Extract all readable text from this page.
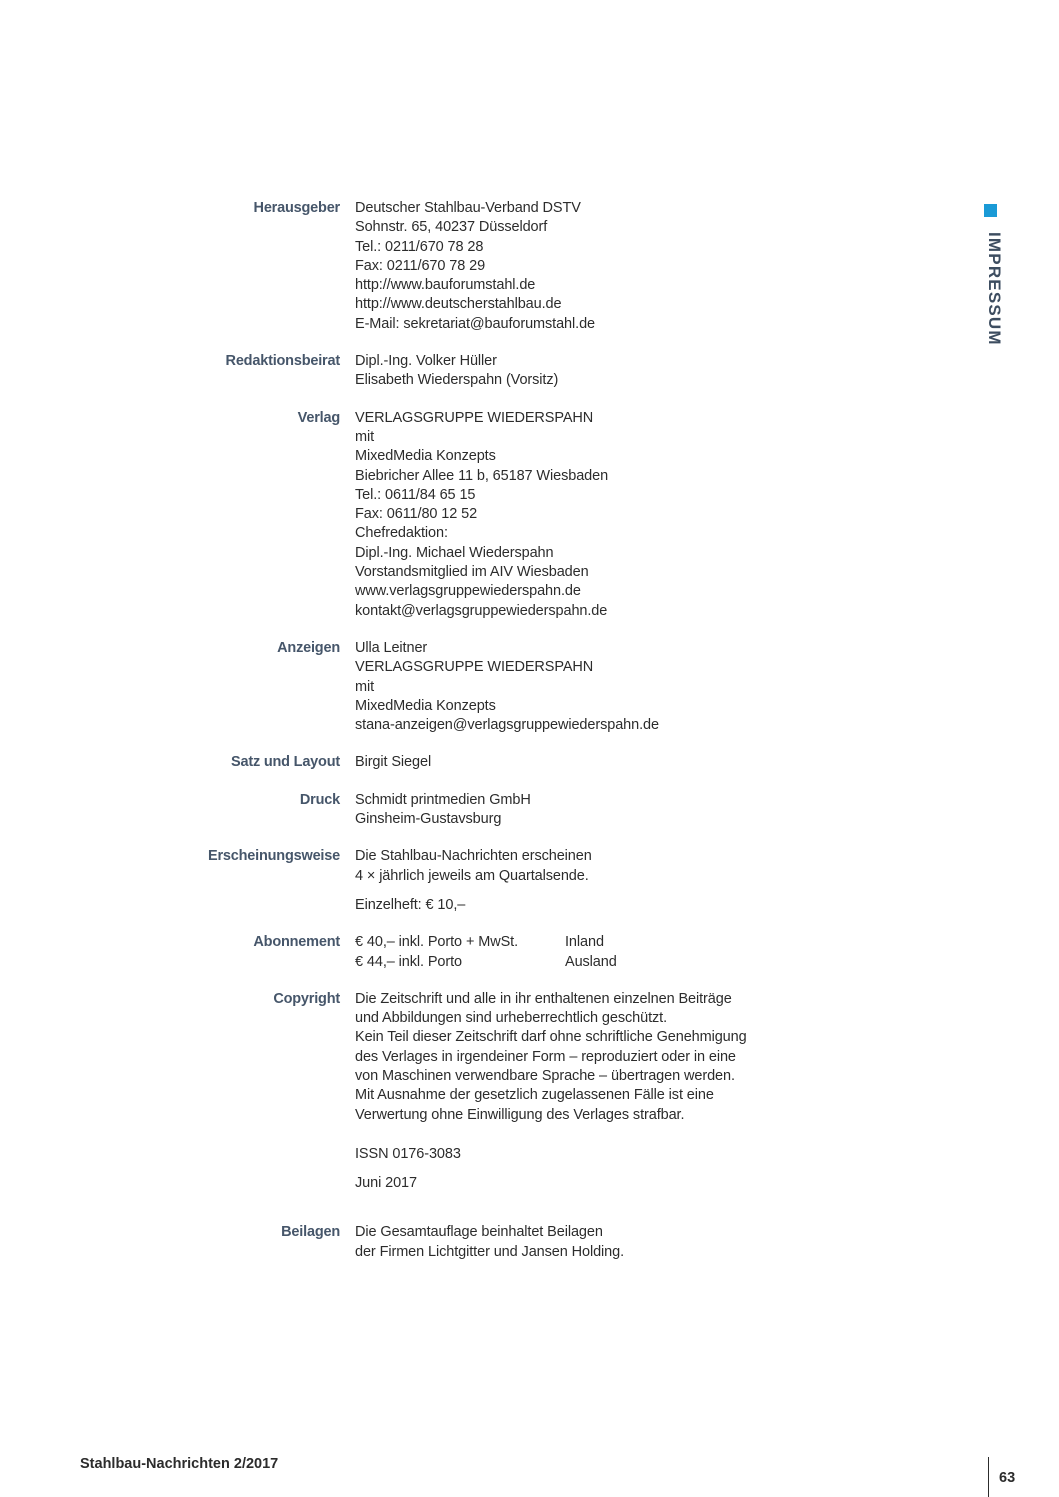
IMPRESSUM
Herausgeber Deutscher Stahlbau-Verband DSTV
Sohnstr. 65, 40237 Düsseldorf
Tel.: 0211/670 78 28
Fax: 0211/670 78 29
http://www.bauforumstahl.de
http://www.deutscherstahlbau.de
E-Mail: sekretariat@bauforumstahl.de
Redaktionsbeirat Dipl.-Ing. Volker Hüller
Elisabeth Wiederspahn (Vorsitz)
Verlag VERLAGSGRUPPE WIEDERSPAHN
mit
MixedMedia Konzepts
Biebricher Allee 11 b, 65187 Wiesbaden
Tel.: 0611/84 65 15
Fax: 0611/80 12 52
Chefredaktion:
Dipl.-Ing. Michael Wiederspahn
Vorstandsmitglied im AIV Wiesbaden
www.verlagsgruppewiederspahn.de
kontakt@verlagsgruppewiederspahn.de
Anzeigen Ulla Leitner
VERLAGSGRUPPE WIEDERSPAHN
mit
MixedMedia Konzepts
stana-anzeigen@verlagsgruppewiederspahn.de
Satz und Layout Birgit Siegel
Druck Schmidt printmedien GmbH
Ginsheim-Gustavsburg
Erscheinungsweise Die Stahlbau-Nachrichten erscheinen
4 × jährlich jeweils am Quartalsende.
Einzelheft: € 10,–
Abonnement € 40,– inkl. Porto + MwSt.	Inland
€ 44,– inkl. Porto	Ausland
Copyright Die Zeitschrift und alle in ihr enthaltenen einzelnen Beiträge
und Abbildungen sind urheberrechtlich geschützt.
Kein Teil dieser Zeitschrift darf ohne schriftliche Genehmigung
des Verlages in irgendeiner Form – reproduziert oder in eine
von Maschinen verwendbare Sprache – übertragen werden.
Mit Ausnahme der gesetzlich zugelassenen Fälle ist eine
Verwertung ohne Einwilligung des Verlages strafbar.
ISSN 0176-3083
Juni 2017
Beilagen Die Gesamtauflage beinhaltet Beilagen
der Firmen Lichtgitter und Jansen Holding.
Stahlbau-Nachrichten 2/2017
63
